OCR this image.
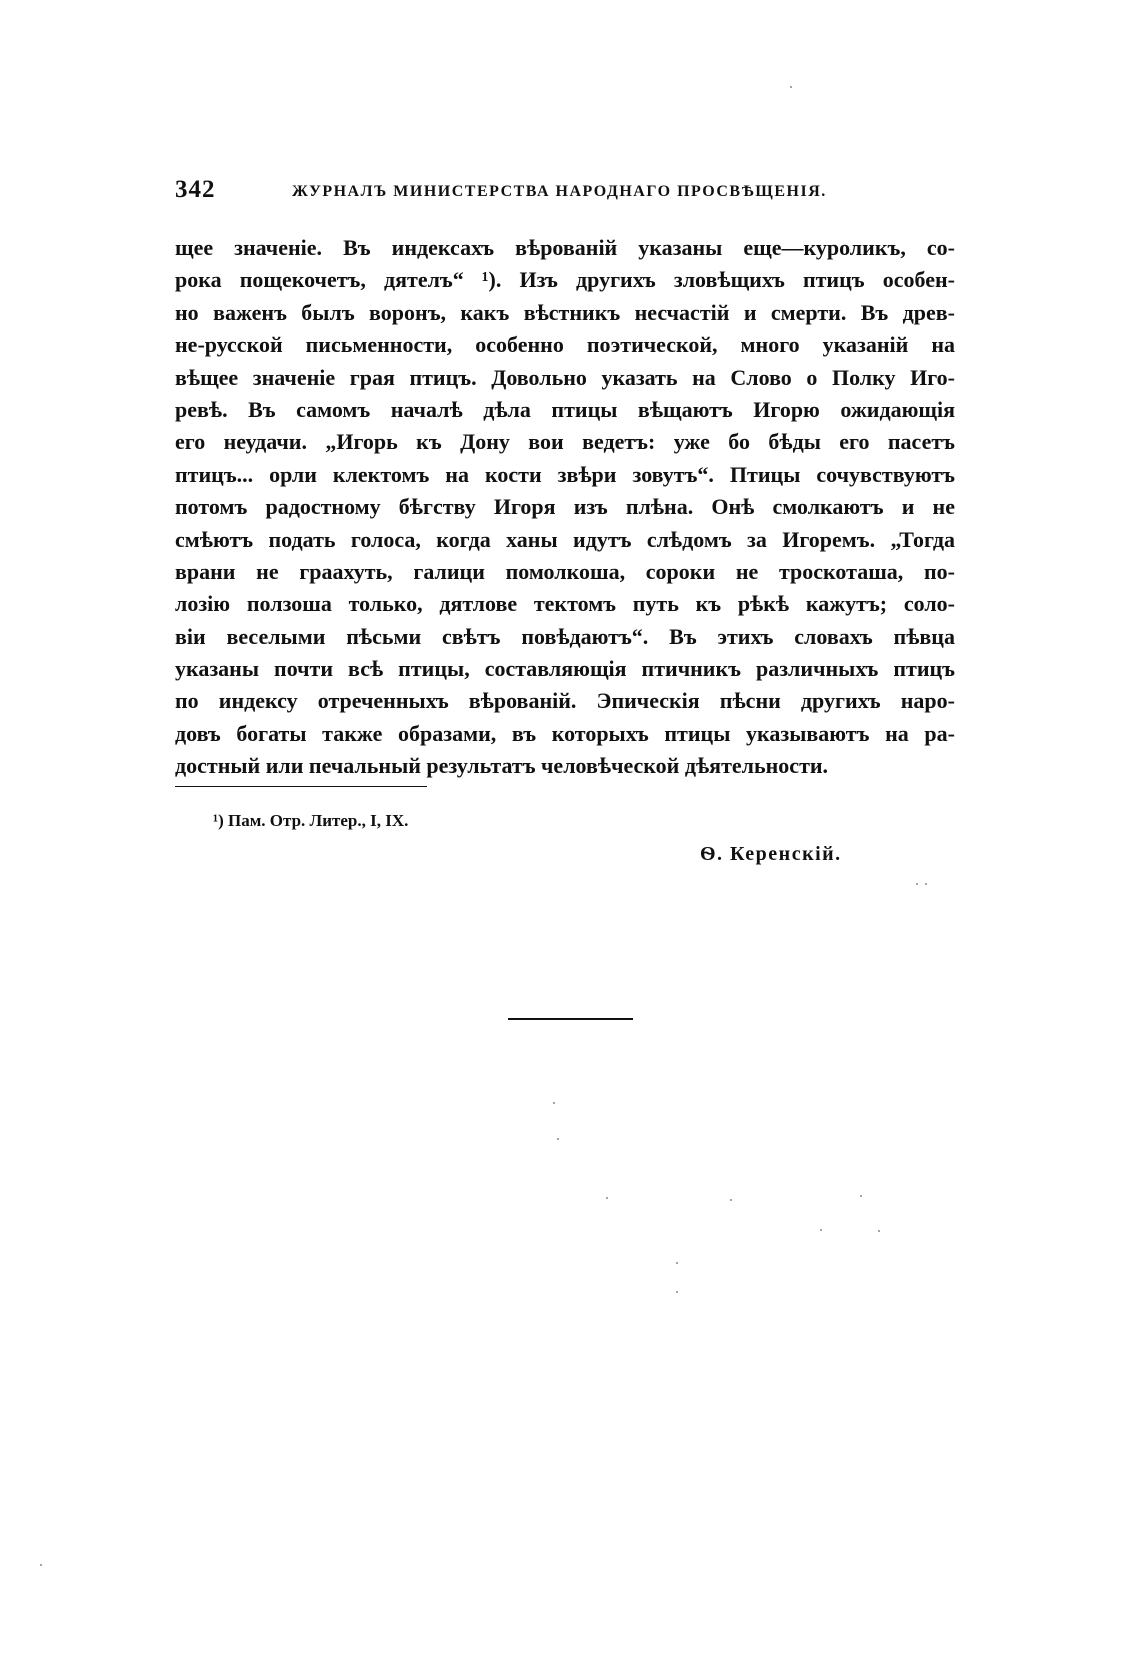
342	ЖУРНАЛЪ МИНИСТЕРСТВА НАРОДНАГО ПРОСВѢЩЕНІЯ.
щее значеніе. Въ индексахъ вѣрованій указаны еще—куроликъ, со-
рока пощекочетъ, дятелъ“ ¹). Изъ другихъ зловѣщихъ птицъ особен-
но важенъ былъ воронъ, какъ вѣстникъ несчастій и смерти. Въ древ-
не-русской письменности, особенно поэтической, много указаній на
вѣщее значеніе грая птицъ. Довольно указать на Слово о Полку Иго-
ревѣ. Въ самомъ началѣ дѣла птицы вѣщаютъ Игорю ожидающія
его неудачи. „Игорь къ Дону вои ведетъ: уже бо бѣды его пасетъ
птицъ... орли клектомъ на кости звѣри зовутъ“. Птицы сочувствуютъ
потомъ радостному бѣгству Игоря изъ плѣна. Онѣ смолкаютъ и не
смѣютъ подать голоса, когда ханы идутъ слѣдомъ за Игоремъ. „Тогда
врани не граахуть, галици помолкоша, сороки не троскоташа, по-
лозію ползоша только, дятлове тектомъ путь къ рѣкѣ кажутъ; соло-
віи веселыми пѣсьми свѣтъ повѣдаютъ“. Въ этихъ словахъ пѣвца
указаны почти всѣ птицы, составляющія птичникъ различныхъ птицъ
по индексу отреченныхъ вѣрованій. Эпическія пѣсни другихъ наро-
довъ богаты также образами, въ которыхъ птицы указываютъ на ра-
достный или печальный результатъ человѣческой дѣятельности.
¹) Пам. Отр. Литер., I, IX.
Ѳ. Керенскій.
